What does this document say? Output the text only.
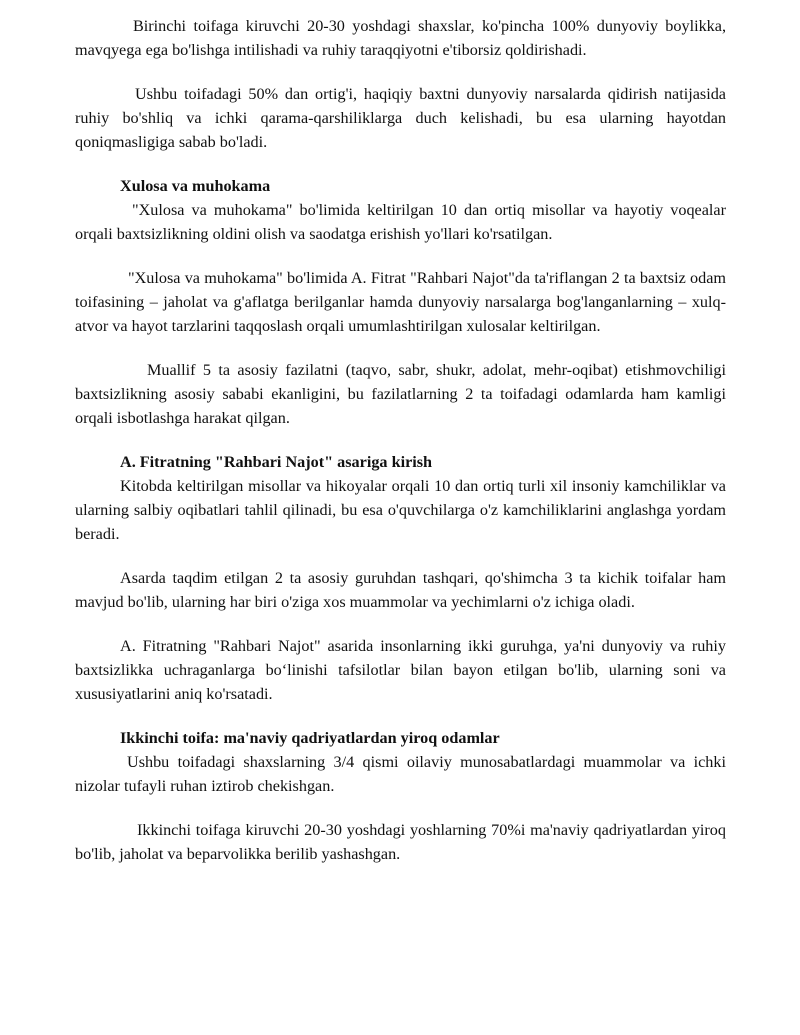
Birinchi toifaga kiruvchi 20-30 yoshdagi shaxslar, ko'pincha 100% dunyoviy boylikka, mavqyega ega bo'lishga intilishadi va ruhiy taraqqiyotni e'tiborsiz qoldirishadi.

Ushbu toifadagi 50% dan ortig'i, haqiqiy baxtni dunyoviy narsalarda qidirish natijasida ruhiy bo'shliq va ichki qarama-qarshiliklarga duch kelishadi, bu esa ularning hayotdan qoniqmasligiga sabab bo'ladi.

Xulosa va muhokama

"Xulosa va muhokama" bo'limida keltirilgan 10 dan ortiq misollar va hayotiy voqealar orqali baxtsizlikning oldini olish va saodatga erishish yo'llari ko'rsatilgan.

"Xulosa va muhokama" bo'limida A. Fitrat "Rahbari Najot"da ta'riflangan 2 ta baxtsiz odam toifasining – jaholat va g'aflatga berilganlar hamda dunyoviy narsalarga bog'langanlarning – xulq-atvor va hayot tarzlarini taqqoslash orqali umumlashtirilgan xulosalar keltirilgan.

Muallif 5 ta asosiy fazilatni (taqvo, sabr, shukr, adolat, mehr-oqibat) etishmovchiligi baxtsizlikning asosiy sababi ekanligini, bu fazilatlarning 2 ta toifadagi odamlarda ham kamligi orqali isbotlashga harakat qilgan.

A. Fitratning "Rahbari Najot" asariga kirish

Kitobda keltirilgan misollar va hikoyalar orqali 10 dan ortiq turli xil insoniy kamchiliklar va ularning salbiy oqibatlari tahlil qilinadi, bu esa o'quvchilarga o'z kamchiliklarini anglashga yordam beradi.

Asarda taqdim etilgan 2 ta asosiy guruhdan tashqari, qo'shimcha 3 ta kichik toifalar ham mavjud bo'lib, ularning har biri o'ziga xos muammolar va yechimlarni o'z ichiga oladi.

A. Fitratning "Rahbari Najot" asarida insonlarning ikki guruhga, ya'ni dunyoviy va ruhiy baxtsizlikka uchraganlarga bo‘linishi tafsilotlar bilan bayon etilgan bo'lib, ularning soni va xususiyatlarini aniq ko'rsatadi.

Ikkinchi toifa: ma'naviy qadriyatlardan yiroq odamlar

Ushbu toifadagi shaxslarning 3/4 qismi oilaviy munosabatlardagi muammolar va ichki nizolar tufayli ruhan iztirob chekishgan.

Ikkinchi toifaga kiruvchi 20-30 yoshdagi yoshlarning 70%i ma'naviy qadriyatlardan yiroq bo'lib, jaholat va beparvolikka berilib yashashgan.
